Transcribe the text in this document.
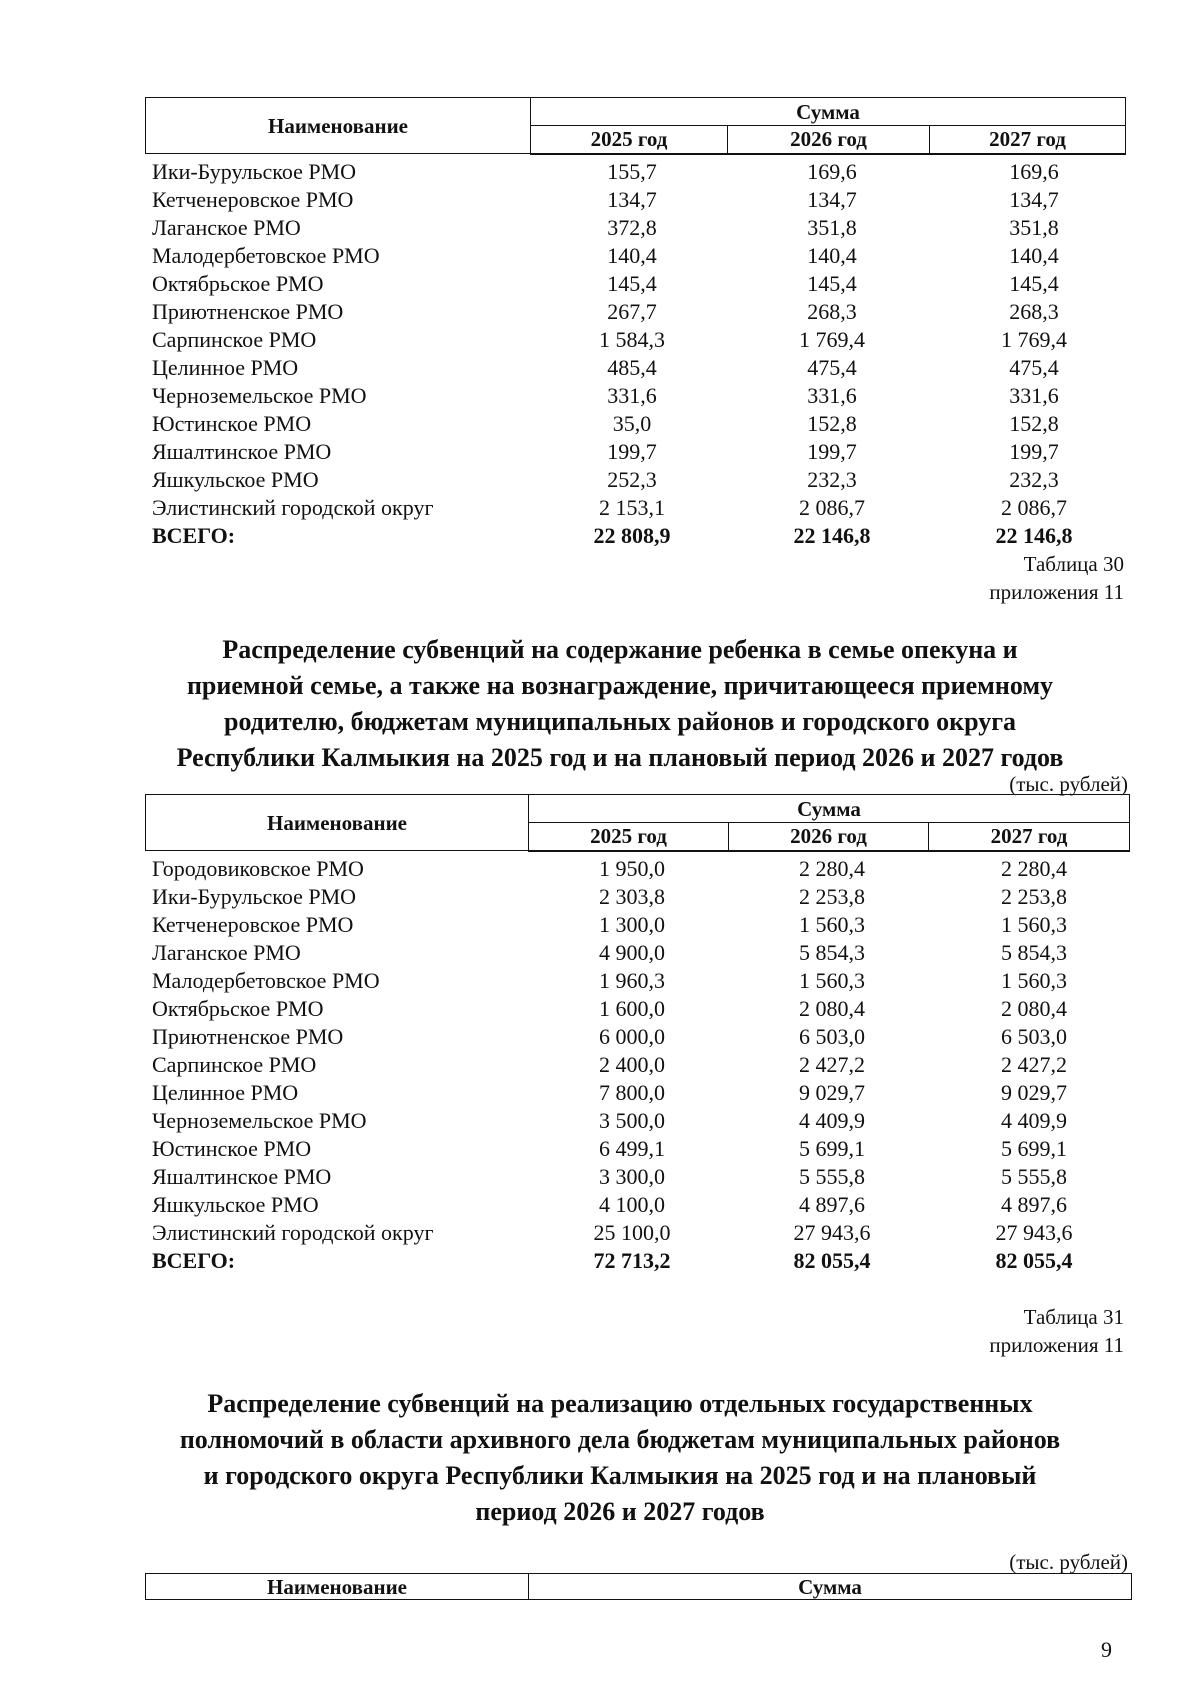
Наименование	Сумма		
	2025 год	2026 год	2027 год
Ики-Бурульское РМО	155,7	169,6	169,6
Кетченеровское РМО	134,7	134,7	134,7
Лаганское РМО	372,8	351,8	351,8
Малодербетовское РМО	140,4	140,4	140,4
Октябрьское РМО	145,4	145,4	145,4
Приютненское РМО	267,7	268,3	268,3
Сарпинское РМО	1 584,3	1 769,4	1 769,4
Целинное РМО	485,4	475,4	475,4
Черноземельское РМО	331,6	331,6	331,6
Юстинское РМО	35,0	152,8	152,8
Яшалтинское РМО	199,7	199,7	199,7
Яшкульское РМО	252,3	232,3	232,3
Элистинский городской округ	2 153,1	2 086,7	2 086,7
ВСЕГО:	22 808,9	22 146,8	22 146,8
Таблица 30
приложения 11
Распределение субвенций на содержание ребенка в семье опекуна и
приемной семье, а также на вознаграждение, причитающееся приемному
родителю, бюджетам муниципальных районов и городского округа
Республики Калмыкия на 2025 год и на плановый период 2026 и 2027 годов
(тыс. рублей)
Наименование	Сумма		
	2025 год	2026 год	2027 год
Городовиковское РМО	1 950,0	2 280,4	2 280,4
Ики-Бурульское РМО	2 303,8	2 253,8	2 253,8
Кетченеровское РМО	1 300,0	1 560,3	1 560,3
Лаганское РМО	4 900,0	5 854,3	5 854,3
Малодербетовское РМО	1 960,3	1 560,3	1 560,3
Октябрьское РМО	1 600,0	2 080,4	2 080,4
Приютненское РМО	6 000,0	6 503,0	6 503,0
Сарпинское РМО	2 400,0	2 427,2	2 427,2
Целинное РМО	7 800,0	9 029,7	9 029,7
Черноземельское РМО	3 500,0	4 409,9	4 409,9
Юстинское РМО	6 499,1	5 699,1	5 699,1
Яшалтинское РМО	3 300,0	5 555,8	5 555,8
Яшкульское РМО	4 100,0	4 897,6	4 897,6
Элистинский городской округ	25 100,0	27 943,6	27 943,6
ВСЕГО:	72 713,2	82 055,4	82 055,4
Таблица 31
приложения 11
Распределение субвенций на реализацию отдельных государственных
полномочий в области архивного дела бюджетам муниципальных районов
и городского округа Республики Калмыкия на 2025 год и на плановый
период 2026 и 2027 годов
(тыс. рублей)
Наименование	Сумма
9
